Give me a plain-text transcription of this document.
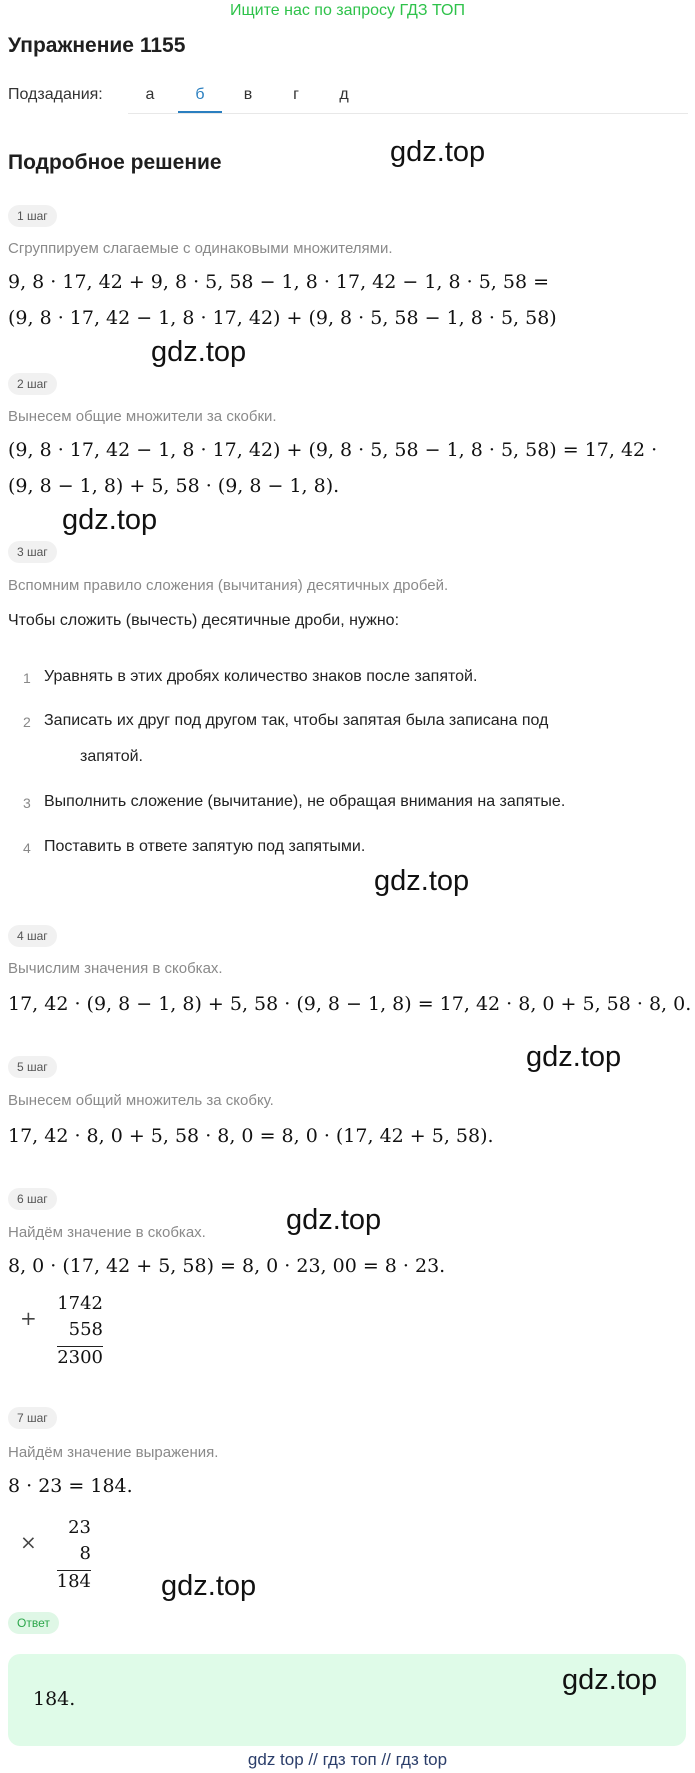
Ищите нас по запросу ГДЗ ТОП
Упражнение 1155
Подзадания:	а	б	в	г	д
Подробное решение	gdz.top
1 шаг
Сгруппируем слагаемые с одинаковыми множителями.
9, 8 · 17, 42 + 9, 8 · 5, 58 − 1, 8 · 17, 42 − 1, 8 · 5, 58 =
(9, 8 · 17, 42 − 1, 8 · 17, 42) + (9, 8 · 5, 58 − 1, 8 · 5, 58)
gdz.top
2 шаг
Вынесем общие множители за скобки.
(9, 8 · 17, 42 − 1, 8 · 17, 42) + (9, 8 · 5, 58 − 1, 8 · 5, 58) = 17, 42 ·
(9, 8 − 1, 8) + 5, 58 · (9, 8 − 1, 8).
gdz.top
3 шаг
Вспомним правило сложения (вычитания) десятичных дробей.
Чтобы сложить (вычесть) десятичные дроби, нужно:
1 Уравнять в этих дробях количество знаков после запятой.
2 Записать их друг под другом так, чтобы запятая была записана под
запятой.
3 Выполнить сложение (вычитание), не обращая внимания на запятые.
4 Поставить в ответе запятую под запятыми.
gdz.top
4 шаг
Вычислим значения в скобках.
17, 42 · (9, 8 − 1, 8) + 5, 58 · (9, 8 − 1, 8) = 17, 42 · 8, 0 + 5, 58 · 8, 0.
gdz.top
5 шаг
Вынесем общий множитель за скобку.
17, 42 · 8, 0 + 5, 58 · 8, 0 = 8, 0 · (17, 42 + 5, 58).
6 шаг
gdz.top
Найдём значение в скобках.
8, 0 · (17, 42 + 5, 58) = 8, 0 · 23, 00 = 8 · 23.
+
1742
558
2300
7 шаг
Найдём значение выражения.
8 · 23 = 184.
×
23
8
184 gdz.top
Ответ
184.
gdz.top
gdz top // гдз топ // гдз top
